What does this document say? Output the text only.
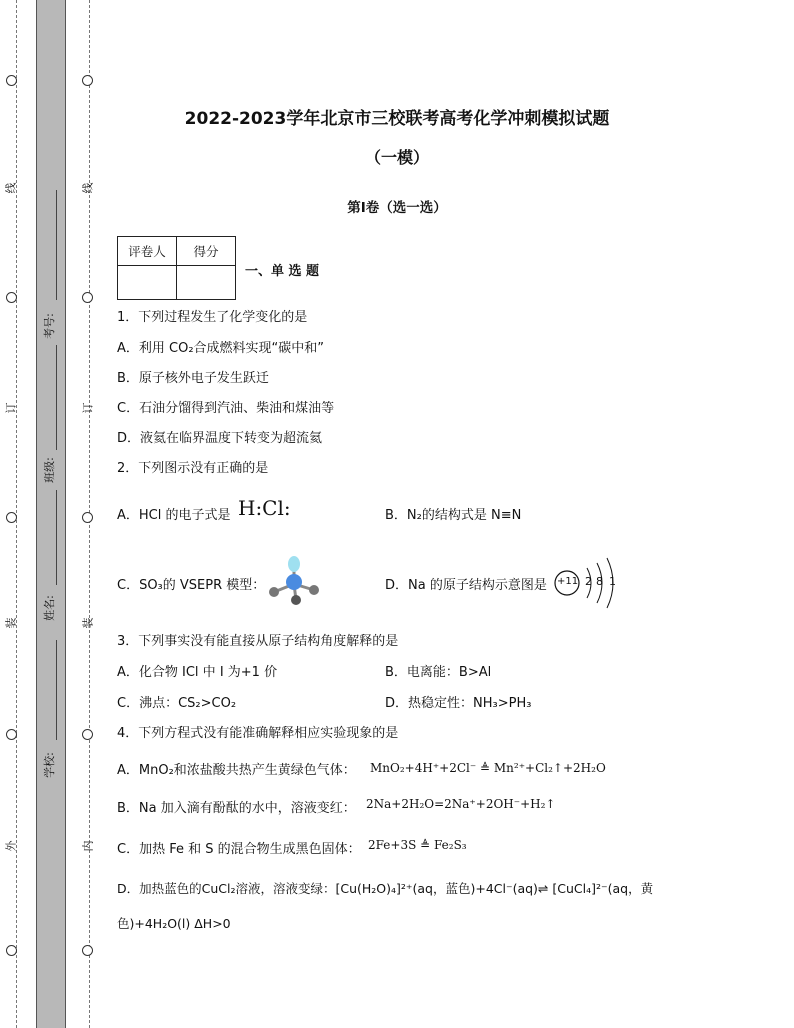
线
订
装
外
线
订
装
内
考号:
班级:
姓名:
学校:
2022-2023学年北京市三校联考高考化学冲刺模拟试题
（一模）
第I卷（选一选）
评卷人	得分

一、单 选 题
1．下列过程发生了化学变化的是
A．利用 CO₂合成燃料实现“碳中和”
B．原子核外电子发生跃迁
C．石油分馏得到汽油、柴油和煤油等
D．液氦在临界温度下转变为超流氦
2．下列图示没有正确的是
A．HCl 的电子式是 H:Cl:	B．N₂的结构式是 N≡N
C．SO₃的 VSEPR 模型：	D．Na 的原子结构示意图是 +11 2 8 1
3．下列事实没有能直接从原子结构角度解释的是
A．化合物 ICl 中 I 为+1 价	B．电离能：B>Al
C．沸点：CS₂>CO₂	D．热稳定性：NH₃>PH₃
4．下列方程式没有能准确解释相应实验现象的是
A．MnO₂和浓盐酸共热产生黄绿色气体： MnO₂+4H⁺+2Cl⁻ ≜ Mn²⁺+Cl₂↑+2H₂O
B．Na 加入滴有酚酞的水中，溶液变红： 2Na+2H₂O=2Na⁺+2OH⁻+H₂↑
C．加热 Fe 和 S 的混合物生成黑色固体： 2Fe+3S ≜ Fe₂S₃
D．加热蓝色的CuCl₂溶液，溶液变绿：[Cu(H₂O)₄]²⁺(aq，蓝色)+4Cl⁻(aq)⇌ [CuCl₄]²⁻(aq，黄
色)+4H₂O(l) ΔH>0
